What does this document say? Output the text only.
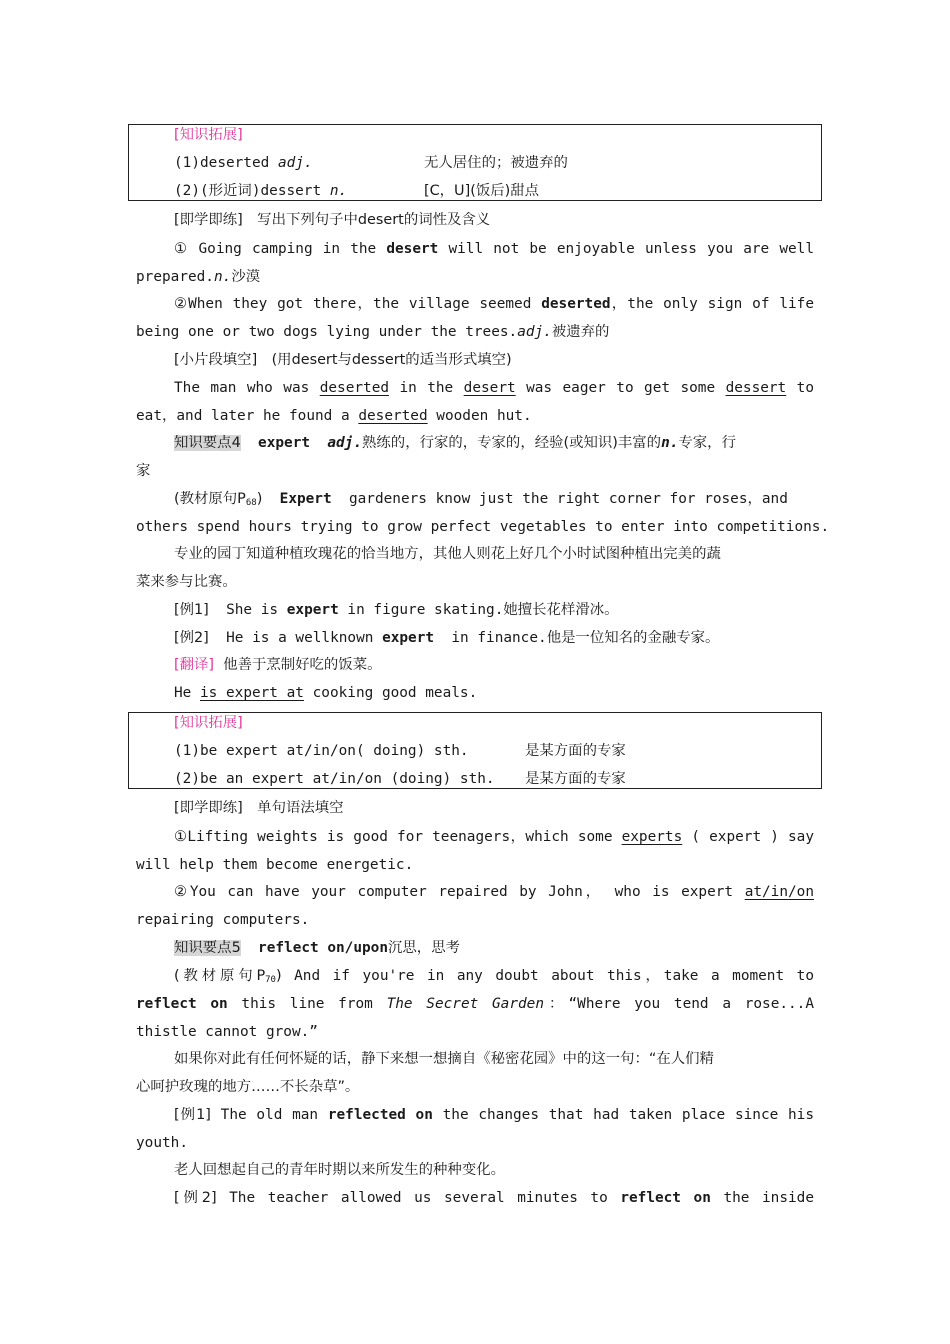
[知识拓展]
(1)deserted adj.	无人居住的；被遗弃的
(2)(形近词)dessert n.	[C，U](饭后)甜点
[即学即练]　写出下列句子中desert的词性及含义
① Going camping in the desert will not be enjoyable unless you are well
prepared.n.沙漠
②When they got there，the village seemed deserted，the only sign of life
being one or two dogs lying under the trees.adj.被遗弃的
[小片段填空]　(用desert与dessert的适当形式填空)
The man who was deserted in the desert was eager to get some dessert to
eat，and later he found a deserted wooden hut.
知识要点4 expert adj.熟练的，行家的，专家的，经验(或知识)丰富的n.专家，行
家
(教材原句$P_{68}$) Expert  gardeners know just the right corner for roses，and
others spend hours trying to grow perfect vegetables to enter into competitions.
专业的园丁知道种植玫瑰花的恰当地方，其他人则花上好几个小时试图种植出完美的蔬
菜来参与比赛。
[例1] She is expert in figure skating.她擅长花样滑冰。
[例2] He is a wellknown expert  in finance.他是一位知名的金融专家。
[翻译] 他善于烹制好吃的饭菜。
He is expert at cooking good meals.
[知识拓展]
(1)be expert at/in/on( doing) sth.	是某方面的专家
(2)be an expert at/in/on (doing) sth. 是某方面的专家
[即学即练]　单句语法填空
①Lifting weights is good for teenagers，which some experts ( expert ) say
will help them become energetic.
②You can have your computer repaired by John， who is expert at/in/on
repairing computers.
知识要点5 reflect on/upon沉思，思考
(教材原句$P_{70}$) And if you're in any doubt about this，take a moment to
reflect on this line from The Secret Garden：“Where you tend a rose...A
thistle cannot grow.”
如果你对此有任何怀疑的话，静下来想一想摘自《秘密花园》中的这一句：“在人们精
心呵护玫瑰的地方……不长杂草”。
[例1] The old man reflected on the changes that had taken place since his
youth.
老人回想起自己的青年时期以来所发生的种种变化。
[例2] The teacher allowed us several minutes to reflect on the inside
